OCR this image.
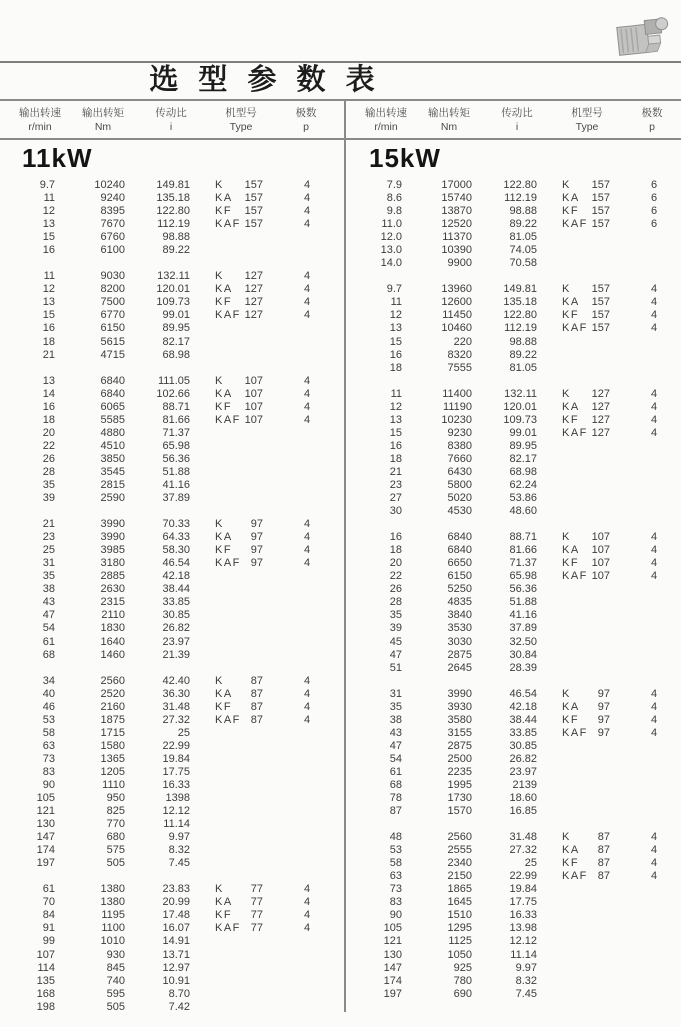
选 型 参 数 表
输出转速
r/min
输出转矩
Nm
传动比
i
机型号
Type
极数
p
输出转速
r/min
输出转矩
Nm
传动比
i
机型号
Type
极数
p
11kW
9.7	10240	149.81 K 157	4
11	9240	135.18 KA 157	4
12	8395	122.80 KF 157	4
13	7670	112.19 KAF 157	4
15	6760	98.88
16	6100	89.22
11	9030	132.11 K 127	4
12	8200	120.01 KA 127	4
13	7500	109.73 KF 127	4
15	6770	99.01 KAF 127	4
16	6150	89.95
18	5615	82.17
21	4715	68.98
13	6840	111.05 K 107	4
14	6840	102.66 KA 107	4
16	6065	88.71 KF 107	4
18	5585	81.66 KAF 107	4
20	4880	71.37
22	4510	65.98
26	3850	56.36
28	3545	51.88
35	2815	41.16
39	2590	37.89
21	3990	70.33 K 97	4
23	3990	64.33 KA 97	4
25	3985	58.30 KF 97	4
31	3180	46.54 KAF 97	4
35	2885	42.18
38	2630	38.44
43	2315	33.85
47	2110	30.85
54	1830	26.82
61	1640	23.97
68	1460	21.39
34	2560	42.40 K 87	4
40	2520	36.30 KA 87	4
46	2160	31.48 KF 87	4
53	1875	27.32 KAF 87	4
58	1715	25
63	1580	22.99
73	1365	19.84
83	1205	17.75
90	1110	16.33
105	950	1398
121	825	12.12
130	770	11.14
147	680	9.97
174	575	8.32
197	505	7.45
61	1380	23.83 K 77	4
70	1380	20.99 KA 77	4
84	1195	17.48 KF 77	4
91	1100	16.07 KAF 77	4
99	1010	14.91
107	930	13.71
114	845	12.97
135	740	10.91
168	595	8.70
198	505	7.42
15kW
7.9	17000	122.80 K 157	6
8.6	15740	112.19 KA 157	6
9.8	13870	98.88 KF 157	6
11.0	12520	89.22 KAF 157	6
12.0	11370	81.05
13.0	10390	74.05
14.0	9900	70.58
9.7	13960	149.81 K 157	4
11	12600	135.18 KA 157	4
12	11450	122.80 KF 157	4
13	10460	112.19 KAF 157	4
15	220	98.88
16	8320	89.22
18	7555	81.05
11	11400	132.11 K 127	4
12	11190	120.01 KA 127	4
13	10230	109.73 KF 127	4
15	9230	99.01 KAF 127	4
16	8380	89.95
18	7660	82.17
21	6430	68.98
23	5800	62.24
27	5020	53.86
30	4530	48.60
16	6840	88.71 K 107	4
18	6840	81.66 KA 107	4
20	6650	71.37 KF 107	4
22	6150	65.98 KAF 107	4
26	5250	56.36
28	4835	51.88
35	3840	41.16
39	3530	37.89
45	3030	32.50
47	2875	30.84
51	2645	28.39
31	3990	46.54 K 97	4
35	3930	42.18 KA 97	4
38	3580	38.44 KF 97	4
43	3155	33.85 KAF 97	4
47	2875	30.85
54	2500	26.82
61	2235	23.97
68	1995	2139
78	1730	18.60
87	1570	16.85
48	2560	31.48 K 87	4
53	2555	27.32 KA 87	4
58	2340	25 KF 87	4
63	2150	22.99 KAF 87	4
73	1865	19.84
83	1645	17.75
90	1510	16.33
105	1295	13.98
121	1125	12.12
130	1050	11.14
147	925	9.97
174	780	8.32
197	690	7.45
